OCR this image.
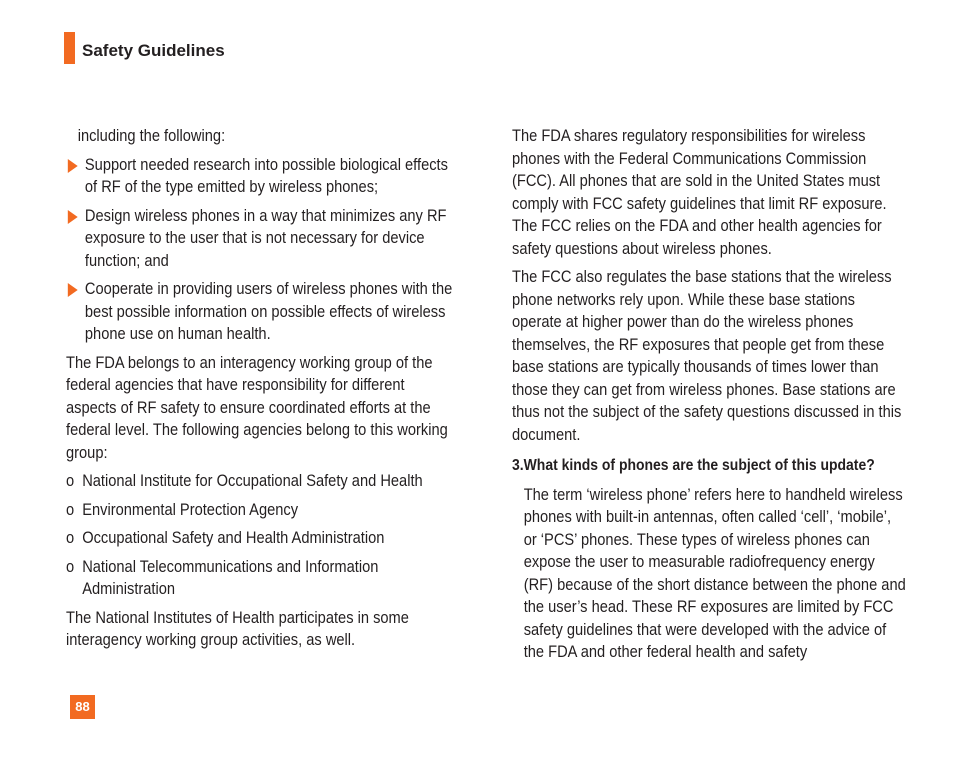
Safety Guidelines

including the following:

Support needed research into possible biological effects of RF of the type emitted by wireless phones;
Design wireless phones in a way that minimizes any RF exposure to the user that is not necessary for device function; and
Cooperate in providing users of wireless phones with the best possible information on possible effects of wireless phone use on human health.

The FDA belongs to an interagency working group of the federal agencies that have responsibility for different aspects of RF safety to ensure coordinated efforts at the federal level. The following agencies belong to this working group:

o National Institute for Occupational Safety and Health
o Environmental Protection Agency
o Occupational Safety and Health Administration
o National Telecommunications and Information Administration

The National Institutes of Health participates in some interagency working group activities, as well.

The FDA shares regulatory responsibilities for wireless phones with the Federal Communications Commission (FCC). All phones that are sold in the United States must comply with FCC safety guidelines that limit RF exposure. The FCC relies on the FDA and other health agencies for safety questions about wireless phones.

The FCC also regulates the base stations that the wireless phone networks rely upon. While these base stations operate at higher power than do the wireless phones themselves, the RF exposures that people get from these base stations are typically thousands of times lower than those they can get from wireless phones. Base stations are thus not the subject of the safety questions discussed in this document.

3.What kinds of phones are the subject of this update?

The term ‘wireless phone’ refers here to handheld wireless phones with built-in antennas, often called ‘cell’, ‘mobile’, or ‘PCS’ phones. These types of wireless phones can expose the user to measurable radiofrequency energy (RF) because of the short distance between the phone and the user’s head. These RF exposures are limited by FCC safety guidelines that were developed with the advice of the FDA and other federal health and safety

88
